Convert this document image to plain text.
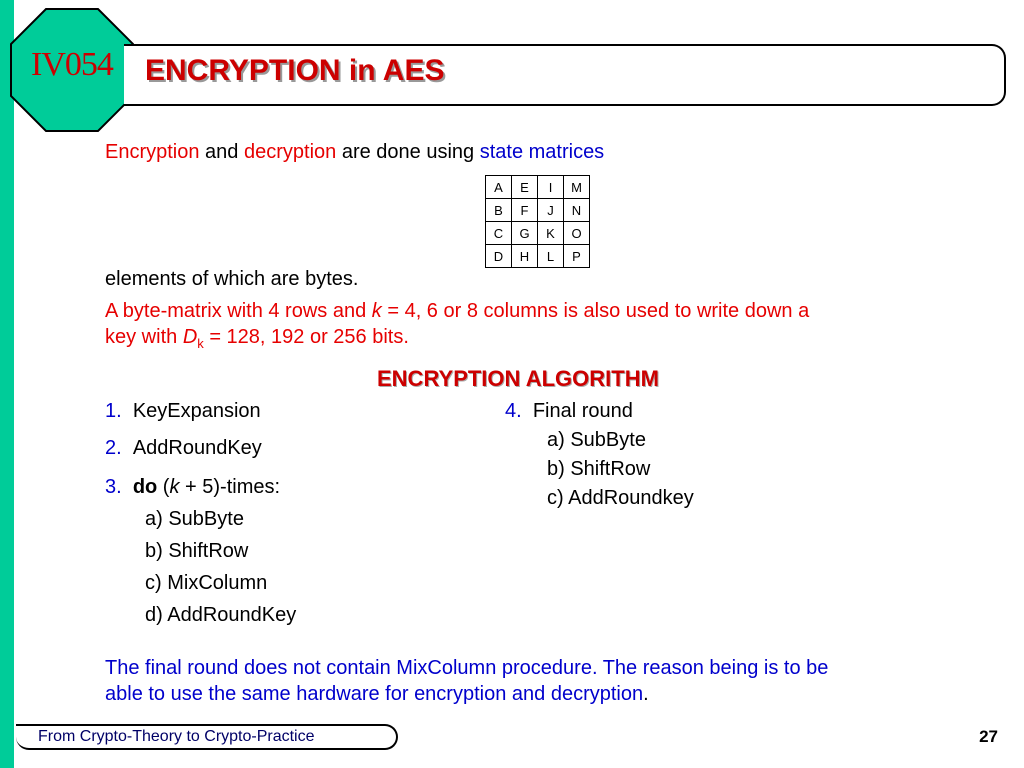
IV054	ENCRYPTION in AES
Encryption and decryption are done using state matrices
A	E	I	M
B	F	J	N
C	G	K	O
D	H	L	P
elements of which are bytes.
A byte-matrix with 4 rows and k = 4, 6 or 8 columns is also used to write down a
key with $D_k = 128$, 192 or 256 bits.
ENCRYPTION ALGORITHM
1. KeyExpansion
2. AddRoundKey
3. do (k + 5)-times:
a) SubByte
b) ShiftRow
c) MixColumn
d) AddRoundKey
4. Final round
a) SubByte
b) ShiftRow
c) AddRoundkey
The final round does not contain MixColumn procedure. The reason being is to be
able to use the same hardware for encryption and decryption.
From Crypto-Theory to Crypto-Practice	27
